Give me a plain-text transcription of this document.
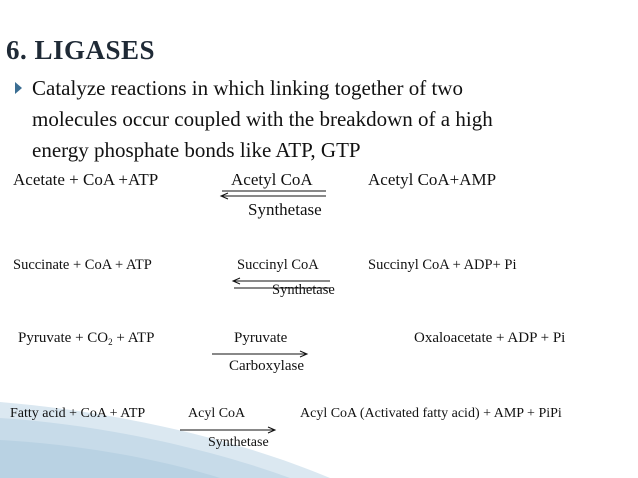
6. LIGASES
Catalyze reactions in which linking together of two
molecules occur coupled with the breakdown of a high
energy phosphate bonds like ATP, GTP
Acetate + CoA +ATP	Acetyl CoA	Acetyl CoA+AMP
Synthetase
Succinate + CoA + ATP	Succinyl CoA	Succinyl CoA + ADP+ Pi
Synthetase
Pyruvate + $CO_2$ + ATP	Pyruvate	Oxaloacetate + ADP + Pi
Carboxylase
Fatty acid + CoA + ATP	Acyl CoA	Acyl CoA (Activated fatty acid) + AMP + PiPi
Synthetase
